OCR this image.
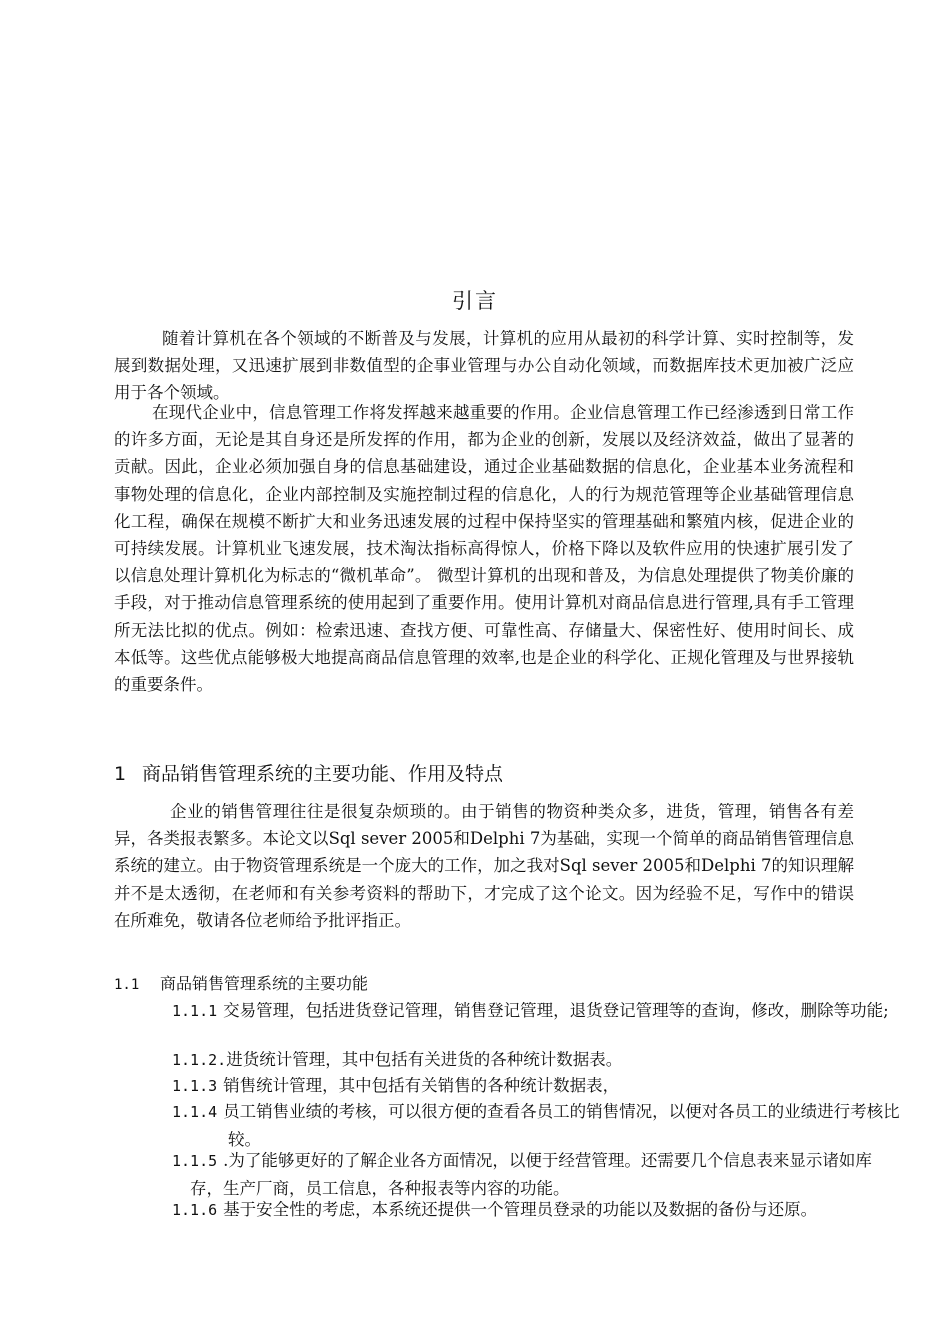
引言

随着计算机在各个领域的不断普及与发展，计算机的应用从最初的科学计算、实时控制等，发展到数据处理，又迅速扩展到非数值型的企事业管理与办公自动化领域，而数据库技术更加被广泛应用于各个领域。

在现代企业中，信息管理工作将发挥越来越重要的作用。企业信息管理工作已经渗透到日常工作的许多方面，无论是其自身还是所发挥的作用，都为企业的创新，发展以及经济效益，做出了显著的贡献。因此，企业必须加强自身的信息基础建设，通过企业基础数据的信息化，企业基本业务流程和事物处理的信息化，企业内部控制及实施控制过程的信息化，人的行为规范管理等企业基础管理信息化工程，确保在规模不断扩大和业务迅速发展的过程中保持坚实的管理基础和繁殖内核，促进企业的可持续发展。计算机业飞速发展，技术淘汰指标高得惊人，价格下降以及软件应用的快速扩展引发了以信息处理计算机化为标志的“微机革命”。 微型计算机的出现和普及，为信息处理提供了物美价廉的手段，对于推动信息管理系统的使用起到了重要作用。使用计算机对商品信息进行管理,具有手工管理所无法比拟的优点。例如：检索迅速、查找方便、可靠性高、存储量大、保密性好、使用时间长、成本低等。这些优点能够极大地提高商品信息管理的效率,也是企业的科学化、正规化管理及与世界接轨的重要条件。

1 商品销售管理系统的主要功能、作用及特点

企业的销售管理往往是很复杂烦琐的。由于销售的物资种类众多，进货，管理，销售各有差异，各类报表繁多。本论文以Sql sever 2005和Delphi 7为基础，实现一个简单的商品销售管理信息系统的建立。由于物资管理系统是一个庞大的工作，加之我对Sql sever 2005和Delphi 7的知识理解并不是太透彻，在老师和有关参考资料的帮助下，才完成了这个论文。因为经验不足，写作中的错误在所难免，敬请各位老师给予批评指正。

1.1 商品销售管理系统的主要功能

1.1.1 交易管理，包括进货登记管理，销售登记管理，退货登记管理等的查询，修改，删除等功能;

1.1.2.进货统计管理，其中包括有关进货的各种统计数据表。

1.1.3 销售统计管理，其中包括有关销售的各种统计数据表，

1.1.4 员工销售业绩的考核，可以很方便的查看各员工的销售情况，以便对各员工的业绩进行考核比较。

1.1.5 .为了能够更好的了解企业各方面情况，以便于经营管理。还需要几个信息表来显示诸如库存，生产厂商，员工信息，各种报表等内容的功能。

1.1.6 基于安全性的考虑，本系统还提供一个管理员登录的功能以及数据的备份与还原。
